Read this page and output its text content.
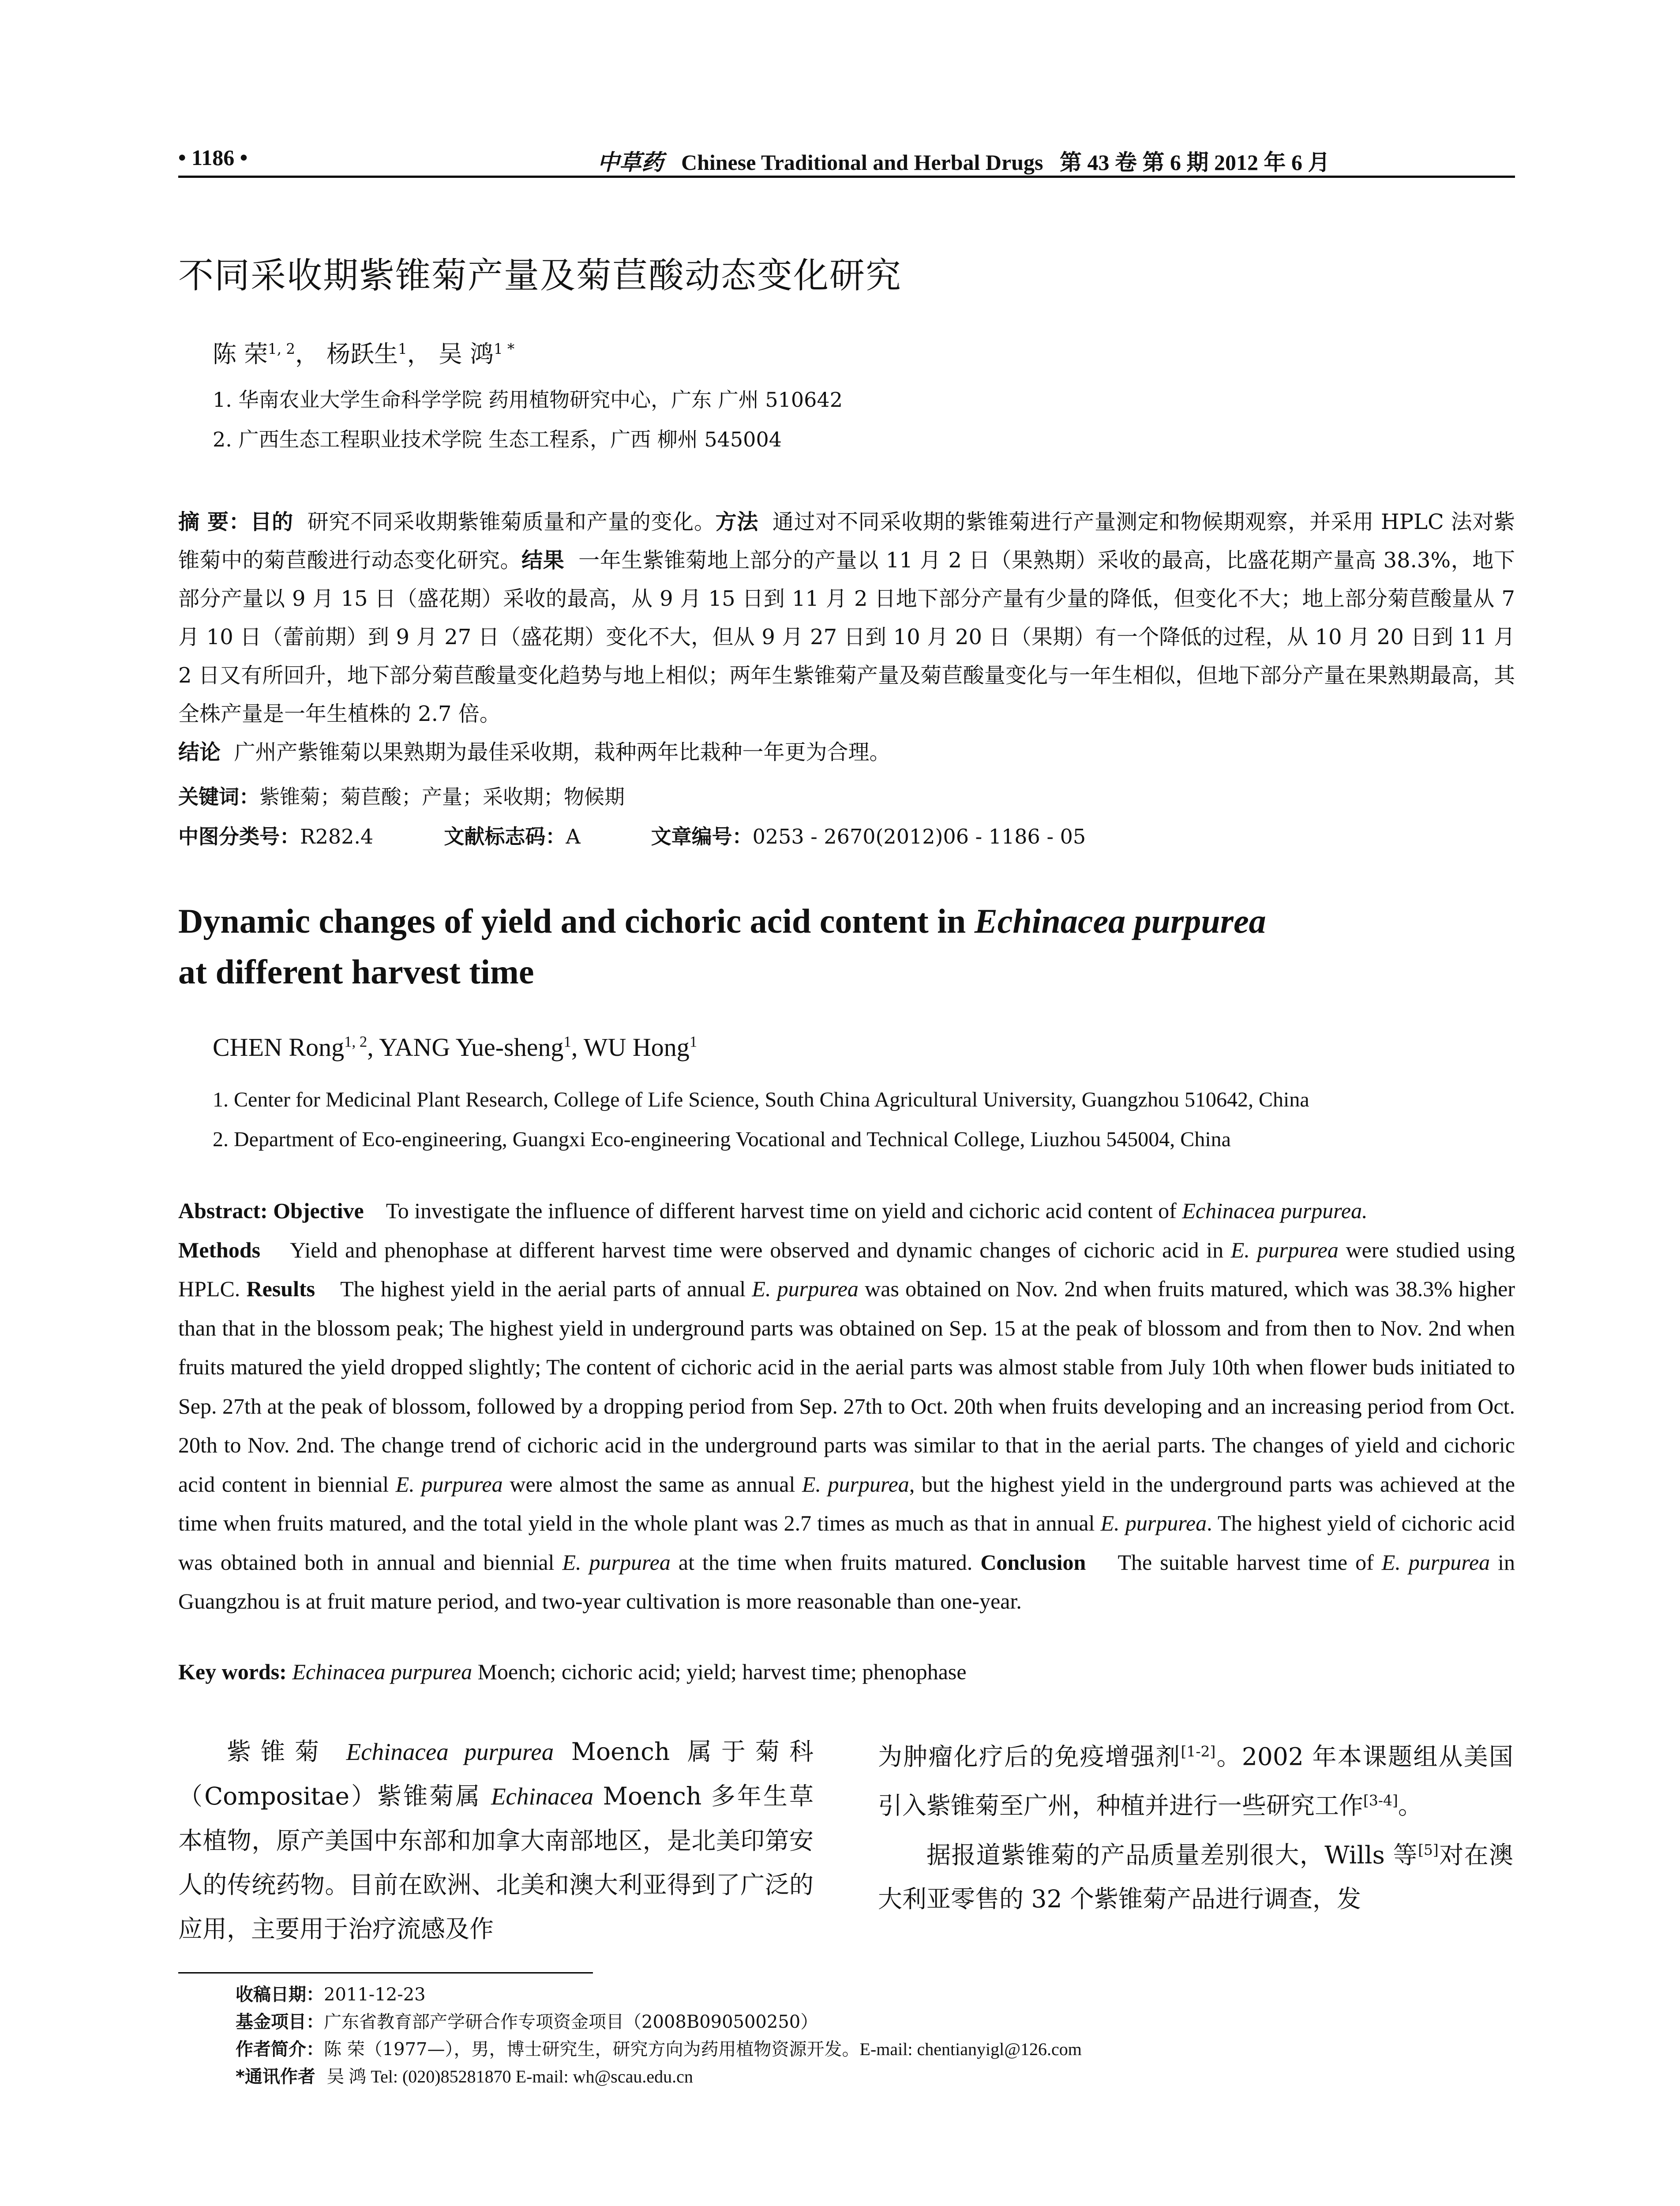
• 1186 •	中草药 Chinese Traditional and Herbal Drugs 第 43 卷 第 6 期 2012 年 6 月
不同采收期紫锥菊产量及菊苣酸动态变化研究
陈 荣$^{1, 2}$， 杨跃生$^1$， 吴 鸿$^{1 *}$
1. 华南农业大学生命科学学院 药用植物研究中心，广东 广州 510642
2. 广西生态工程职业技术学院 生态工程系，广西 柳州 545004
摘 要：目的 研究不同采收期紫锥菊质量和产量的变化。方法 通过对不同采收期的紫锥菊进行产量测定和物候期观察，并采用 HPLC 法对紫锥菊中的菊苣酸进行动态变化研究。结果 一年生紫锥菊地上部分的产量以 11 月 2 日（果熟期）采收的最高，比盛花期产量高 38.3%，地下部分产量以 9 月 15 日（盛花期）采收的最高，从 9 月 15 日到 11 月 2 日地下部分产量有少量的降低，但变化不大；地上部分菊苣酸量从 7 月 10 日（蕾前期）到 9 月 27 日（盛花期）变化不大，但从 9 月 27 日到 10 月 20 日（果期）有一个降低的过程，从 10 月 20 日到 11 月 2 日又有所回升，地下部分菊苣酸量变化趋势与地上相似；两年生紫锥菊产量及菊苣酸量变化与一年生相似，但地下部分产量在果熟期最高，其全株产量是一年生植株的 2.7 倍。
结论 广州产紫锥菊以果熟期为最佳采收期，栽种两年比栽种一年更为合理。
关键词：紫锥菊；菊苣酸；产量；采收期；物候期
中图分类号：R282.4	文献标志码：A	文章编号：0253 - 2670(2012)06 - 1186 - 05
Dynamic changes of yield and cichoric acid content in Echinacea purpurea
at different harvest time
CHEN Rong$^{1, 2}$, YANG Yue-sheng$^1$, WU Hong$^1$
1. Center for Medicinal Plant Research, College of Life Science, South China Agricultural University, Guangzhou 510642, China
2. Department of Eco-engineering, Guangxi Eco-engineering Vocational and Technical College, Liuzhou 545004, China
Abstract: Objective To investigate the influence of different harvest time on yield and cichoric acid content of Echinacea purpurea.
Methods Yield and phenophase at different harvest time were observed and dynamic changes of cichoric acid in E. purpurea were studied using HPLC. Results The highest yield in the aerial parts of annual E. purpurea was obtained on Nov. 2nd when fruits matured, which was 38.3% higher than that in the blossom peak; The highest yield in underground parts was obtained on Sep. 15 at the peak of blossom and from then to Nov. 2nd when fruits matured the yield dropped slightly; The content of cichoric acid in the aerial parts was almost stable from July 10th when flower buds initiated to Sep. 27th at the peak of blossom, followed by a dropping period from Sep. 27th to Oct. 20th when fruits developing and an increasing period from Oct. 20th to Nov. 2nd. The change trend of cichoric acid in the underground parts was similar to that in the aerial parts. The changes of yield and cichoric acid content in biennial E. purpurea were almost the same as annual E. purpurea, but the highest yield in the underground parts was achieved at the time when fruits matured, and the total yield in the whole plant was 2.7 times as much as that in annual E. purpurea. The highest yield of cichoric acid was obtained both in annual and biennial E. purpurea at the time when fruits matured. Conclusion The suitable harvest time of E. purpurea in Guangzhou is at fruit mature period, and two-year cultivation is more reasonable than one-year.
Key words: Echinacea purpurea Moench; cichoric acid; yield; harvest time; phenophase

紫锥菊 Echinacea purpurea Moench 属于菊科（Compositae）紫锥菊属 Echinacea Moench 多年生草本植物，原产美国中东部和加拿大南部地区，是北美印第安人的传统药物。目前在欧洲、北美和澳大利亚得到了广泛的应用，主要用于治疗流感及作

为肿瘤化疗后的免疫增强剂[1-2]。2002 年本课题组从美国引入紫锥菊至广州，种植并进行一些研究工作[3-4]。

据报道紫锥菊的产品质量差别很大，Wills 等[5]对在澳大利亚零售的 32 个紫锥菊产品进行调查，发

收稿日期：2011-12-23
基金项目：广东省教育部产学研合作专项资金项目（2008B090500250）
作者简介：陈 荣（1977—），男，博士研究生，研究方向为药用植物资源开发。E-mail: chentianyigl@126.com
*通讯作者 吴 鸿 Tel: (020)85281870 E-mail: wh@scau.edu.cn
